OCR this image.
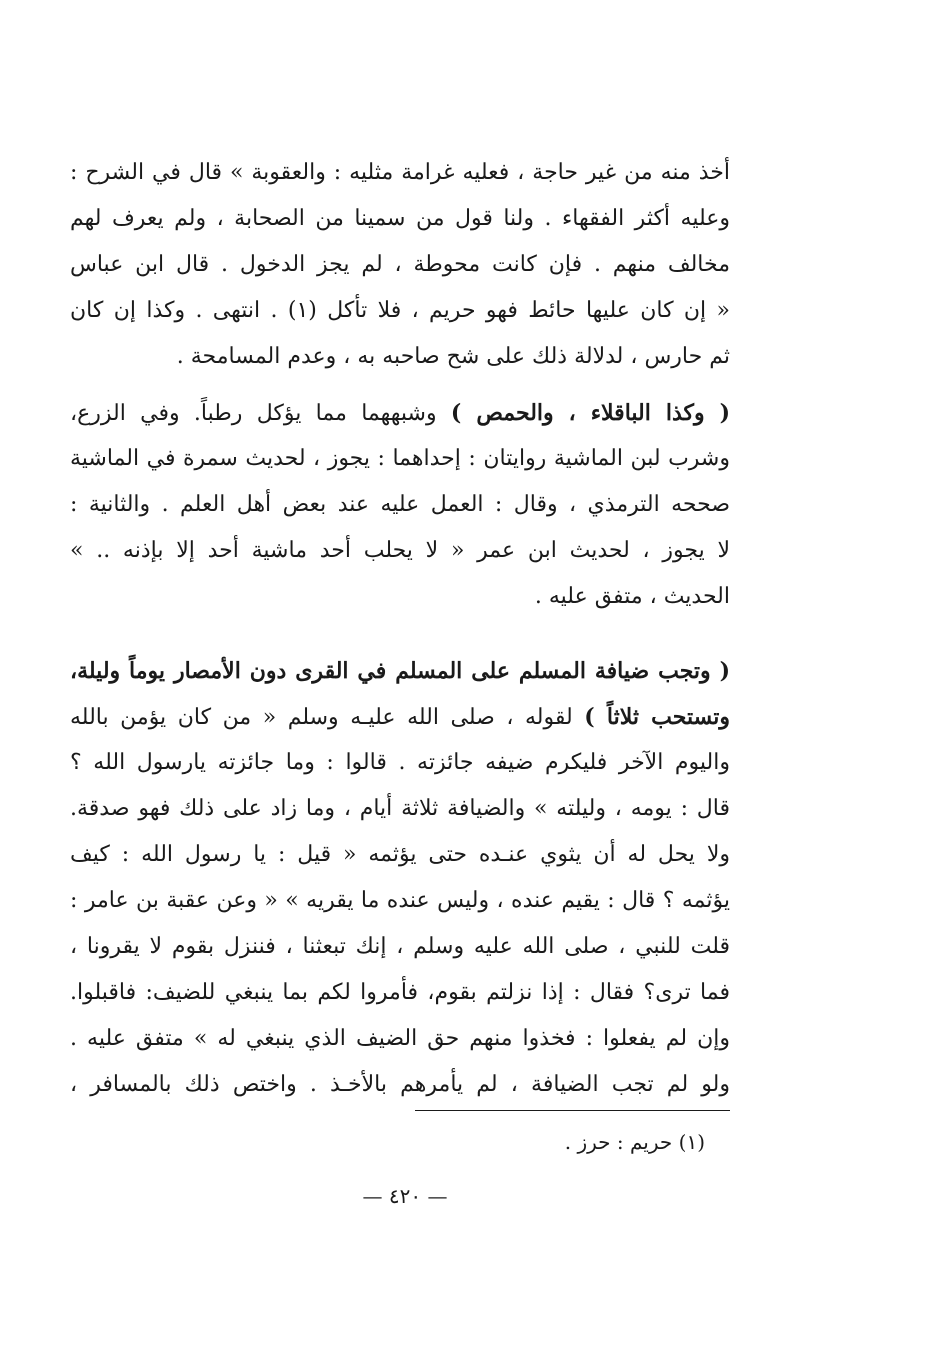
أخذ منه من غير حاجة ، فعليه غرامة مثليه : والعقوبة » قال في الشرح :
وعليه أكثر الفقهاء . ولنا قول من سمينا من الصحابة ، ولم يعرف لهم
مخالف منهم . فإن كانت محوطة ، لم يجز الدخول . قال ابن عباس
« إن كان عليها حائط فهو حريم ، فلا تأكل (١) . انتهى . وكذا إن كان
ثم حارس ، لدلالة ذلك على شح صاحبه به ، وعدم المسامحة .
( وكذا الباقلاء ، والحمص ) وشبههما مما يؤكل رطباً. وفي الزرع،
وشرب لبن الماشية روايتان : إحداهما : يجوز ، لحديث سمرة في الماشية
صححه الترمذي ، وقال : العمل عليه عند بعض أهل العلم . والثانية :
لا يجوز ، لحديث ابن عمر « لا يحلب أحد ماشية أحد إلا بإذنه .. »
الحديث ، متفق عليه .
( وتجب ضيافة المسلم على المسلم في القرى دون الأمصار يوماً وليلة،
وتستحب ثلاثاً ) لقوله ، صلى الله عليـه وسلم « من كان يؤمن بالله
واليوم الآخر فليكرم ضيفه جائزته . قالوا : وما جائزته يارسول الله ؟
قال : يومه ، وليلته » والضيافة ثلاثة أيام ، وما زاد على ذلك فهو صدقة.
ولا يحل له أن يثوي عنـده حتى يؤثمه « قيل : يا رسول الله : كيف
يؤثمه ؟ قال : يقيم عنده ، وليس عنده ما يقريه » « وعن عقبة بن عامر :
قلت للنبي ، صلى الله عليه وسلم ، إنك تبعثنا ، فننزل بقوم لا يقرونا ،
فما ترى؟ فقال : إذا نزلتم بقوم، فأمروا لكم بما ينبغي للضيف: فاقبلوا.
وإن لم يفعلوا : فخذوا منهم حق الضيف الذي ينبغي له » متفق عليه .
ولو لم تجب الضيافة ، لم يأمرهم بالأخـذ . واختص ذلك بالمسافر ،
(١) حريم : حرز .
— ٤٢٠ —
